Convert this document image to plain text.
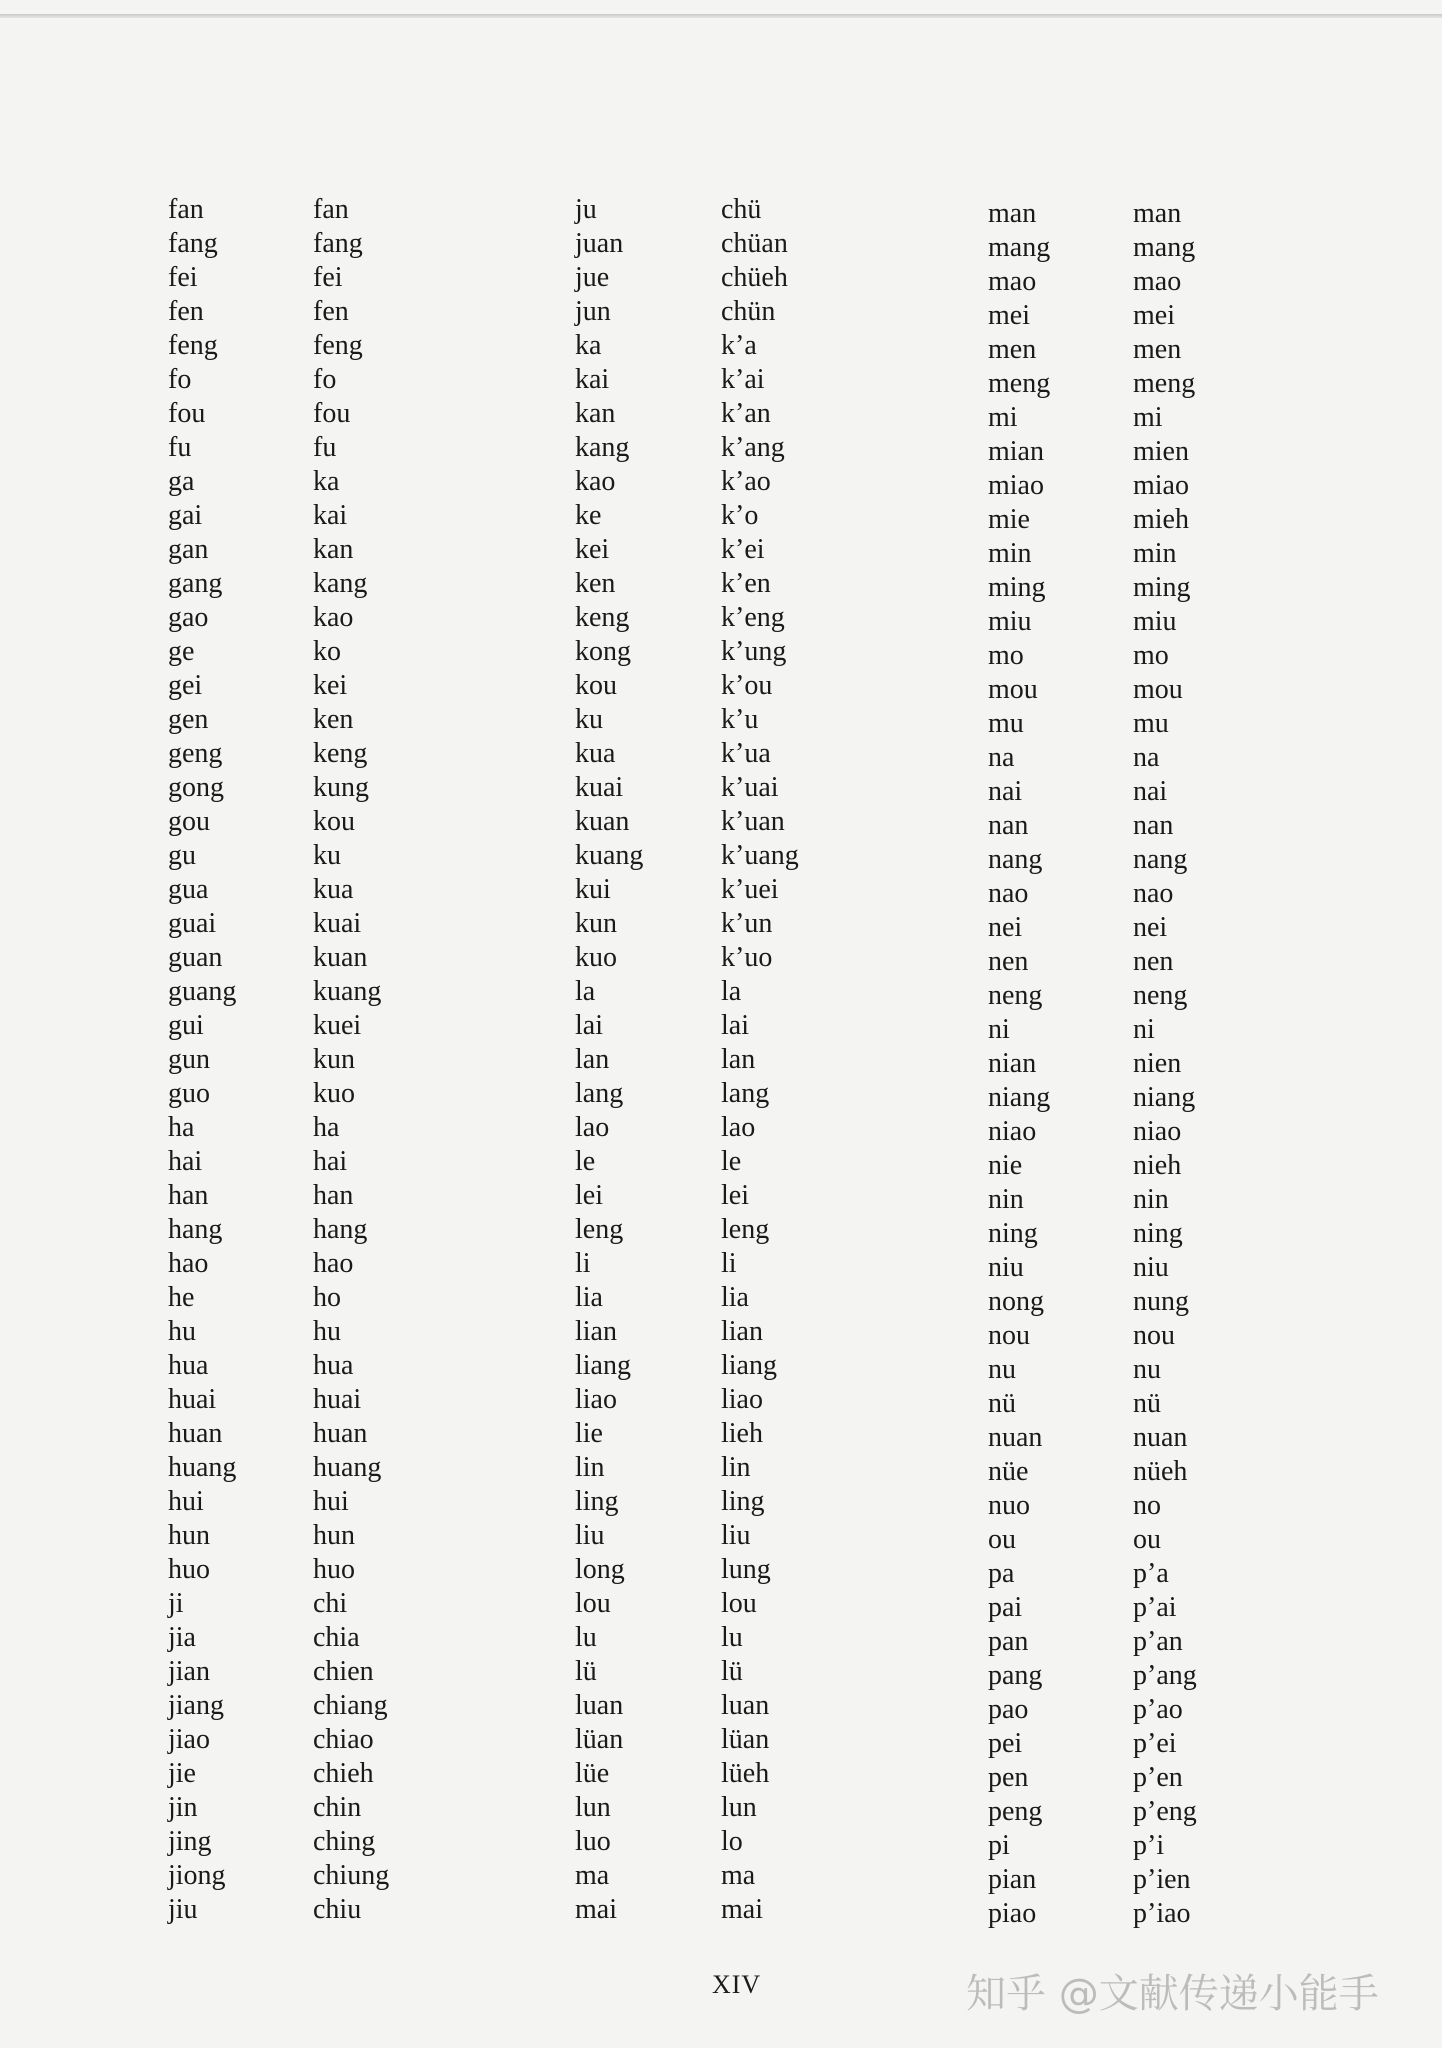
fan
fang
fei
fen
feng
fo
fou
fu
ga
gai
gan
gang
gao
ge
gei
gen
geng
gong
gou
gu
gua
guai
guan
guang
gui
gun
guo
ha
hai
han
hang
hao
he
hu
hua
huai
huan
huang
hui
hun
huo
ji
jia
jian
jiang
jiao
jie
jin
jing
jiong
jiu
fan
fang
fei
fen
feng
fo
fou
fu
ka
kai
kan
kang
kao
ko
kei
ken
keng
kung
kou
ku
kua
kuai
kuan
kuang
kuei
kun
kuo
ha
hai
han
hang
hao
ho
hu
hua
huai
huan
huang
hui
hun
huo
chi
chia
chien
chiang
chiao
chieh
chin
ching
chiung
chiu
ju
juan
jue
jun
ka
kai
kan
kang
kao
ke
kei
ken
keng
kong
kou
ku
kua
kuai
kuan
kuang
kui
kun
kuo
la
lai
lan
lang
lao
le
lei
leng
li
lia
lian
liang
liao
lie
lin
ling
liu
long
lou
lu
lü
luan
lüan
lüe
lun
luo
ma
mai
chü
chüan
chüeh
chün
k’a
k’ai
k’an
k’ang
k’ao
k’o
k’ei
k’en
k’eng
k’ung
k’ou
k’u
k’ua
k’uai
k’uan
k’uang
k’uei
k’un
k’uo
la
lai
lan
lang
lao
le
lei
leng
li
lia
lian
liang
liao
lieh
lin
ling
liu
lung
lou
lu
lü
luan
lüan
lüeh
lun
lo
ma
mai
man
mang
mao
mei
men
meng
mi
mian
miao
mie
min
ming
miu
mo
mou
mu
na
nai
nan
nang
nao
nei
nen
neng
ni
nian
niang
niao
nie
nin
ning
niu
nong
nou
nu
nü
nuan
nüe
nuo
ou
pa
pai
pan
pang
pao
pei
pen
peng
pi
pian
piao
man
mang
mao
mei
men
meng
mi
mien
miao
mieh
min
ming
miu
mo
mou
mu
na
nai
nan
nang
nao
nei
nen
neng
ni
nien
niang
niao
nieh
nin
ning
niu
nung
nou
nu
nü
nuan
nüeh
no
ou
p’a
p’ai
p’an
p’ang
p’ao
p’ei
p’en
p’eng
p’i
p’ien
p’iao
XIV	知乎 @文献传递小能手
